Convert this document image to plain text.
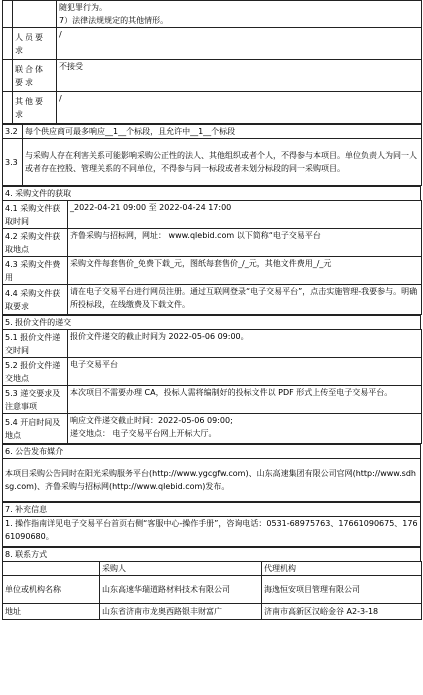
		随犯罪行为。
7）法律法规规定的其他情形。

	人员要求	/
	联合体要求	不接受
	其他要求	/
3.2	每个供应商可最多响应__1__个标段，且允许中__1__个标段
3.3	与采购人存在利害关系可能影响采购公正性的法人、其他组织或者个人，不得参与本项目。单位负责人为同一人或者存在控股、管理关系的不同单位，不得参与同一标段或者未划分标段的同一采购项目。
4. 采购文件的获取
4.1 采购文件获取时间	_2022-04-21 09:00 至 2022-04-24 17:00
4.2 采购文件获取地点	齐鲁采购与招标网，网址： www.qlebid.com 以下简称“电子交易平台
4.3 采购文件费用	采购文件每套售价_免费下载_元，图纸每套售价_/_元，其他文件费用_/_元
4.4 采购文件获取要求	请在电子交易平台进行网员注册。通过互联网登录“电子交易平台”，点击实施管理-我要参与。明确所投标段，在线缴费及下载文件。
5. 报价文件的递交
5.1 报价文件递交时间	报价文件递交的截止时间为 2022-05-06 09:00。
5.2 报价文件递交地点	电子交易平台
5.3 递交要求及注意事项	本次项目不需要办理 CA，投标人需将编制好的投标文件以 PDF 形式上传至电子交易平台。
5.4 开启时间及地点	响应文件递交截止时间：2022-05-06 09:00;
递交地点： 电子交易平台网上开标大厅。
6. 公告发布媒介
本项目采购公告同时在阳光采购服务平台(http://www.ygcgfw.com)、山东高速集团有限公司官网(http://www.sdhsg.com)、齐鲁采购与招标网(http://www.qlebid.com)发布。
7. 补充信息
1. 操作指南详见电子交易平台首页右侧“客服中心-操作手册”，咨询电话：0531-68975763、17661090675、17661090680。
8. 联系方式
	采购人	代理机构
单位或机构名称	山东高速华瑞道路材料技术有限公司	海逸恒安项目管理有限公司
地址	山东省济南市龙奥西路银丰财富广	济南市高新区汉峪金谷 A2-3-18
